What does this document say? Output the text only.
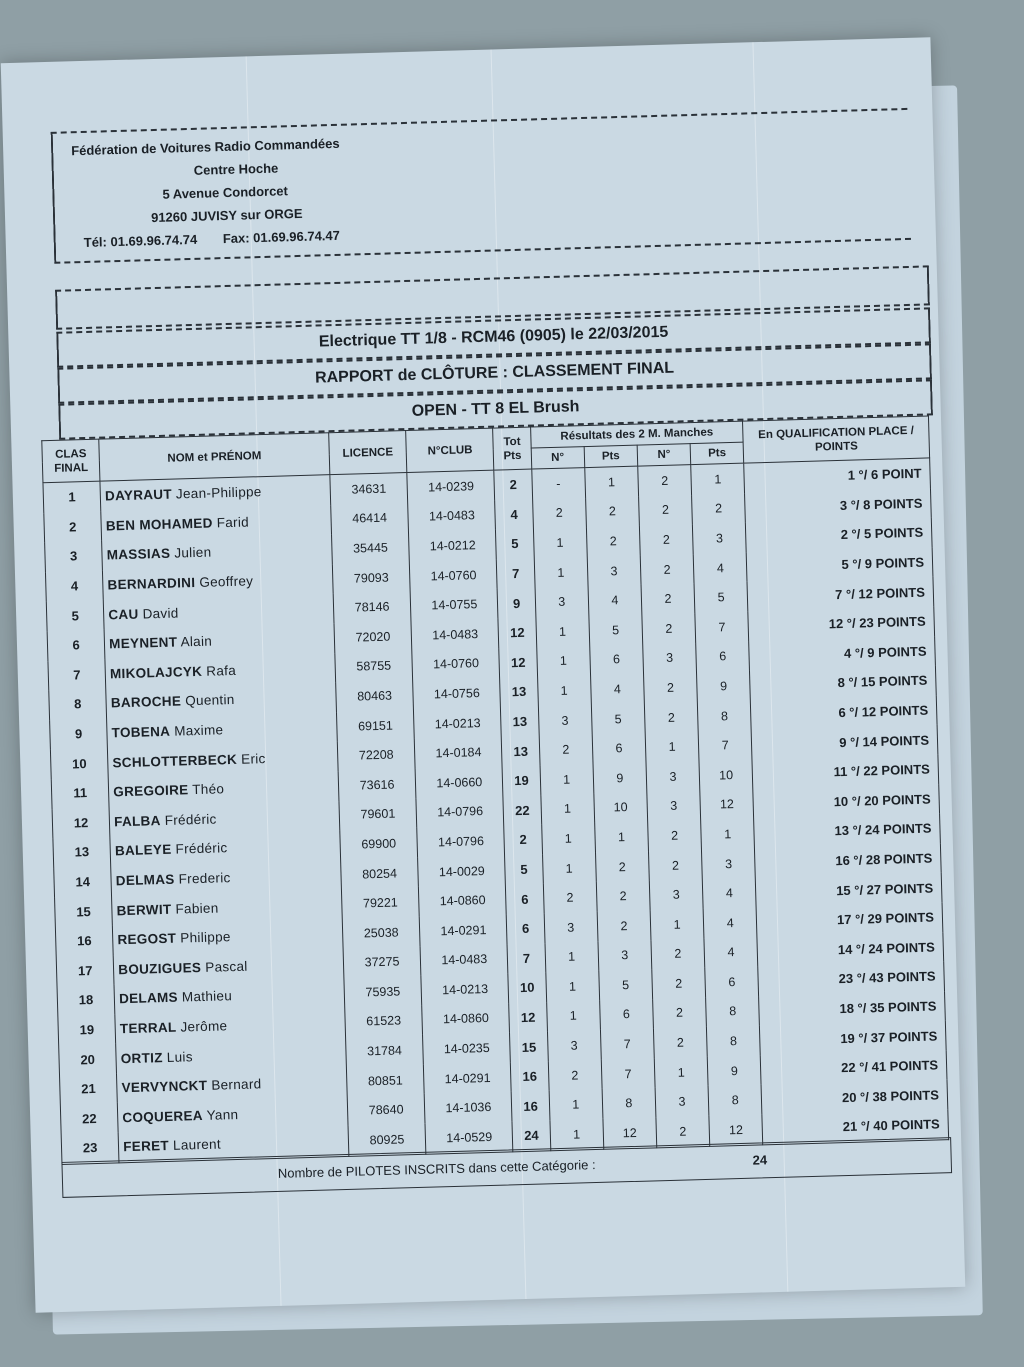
Fédération de Voitures Radio Commandées
Centre Hoche
5 Avenue Condorcet
91260 JUVISY sur ORGE
Tél: 01.69.96.74.74 Fax: 01.69.96.74.47
Electrique TT 1/8 - RCM46 (0905) le 22/03/2015
RAPPORT de CLÔTURE : CLASSEMENT FINAL
OPEN - TT 8 EL Brush
CLAS FINAL	NOM et PRÉNOM	LICENCE	N°CLUB	Tot Pts	Résultats des 2 M. Manches				En QUALIFICATION PLACE / POINTS
					N°	Pts	N°	Pts	
1	DAYRAUT Jean-Philippe	34631	14-0239	2	-	1	2	1	1 °/ 6 POINT
2	BEN MOHAMED Farid	46414	14-0483	4	2	2	2	2	3 °/ 8 POINTS
3	MASSIAS Julien	35445	14-0212	5	1	2	2	3	2 °/ 5 POINTS
4	BERNARDINI Geoffrey	79093	14-0760	7	1	3	2	4	5 °/ 9 POINTS
5	CAU David	78146	14-0755	9	3	4	2	5	7 °/ 12 POINTS
6	MEYNENT Alain	72020	14-0483	12	1	5	2	7	12 °/ 23 POINTS
7	MIKOLAJCYK Rafa	58755	14-0760	12	1	6	3	6	4 °/ 9 POINTS
8	BAROCHE Quentin	80463	14-0756	13	1	4	2	9	8 °/ 15 POINTS
9	TOBENA Maxime	69151	14-0213	13	3	5	2	8	6 °/ 12 POINTS
10	SCHLOTTERBECK Eric	72208	14-0184	13	2	6	1	7	9 °/ 14 POINTS
11	GREGOIRE Théo	73616	14-0660	19	1	9	3	10	11 °/ 22 POINTS
12	FALBA Frédéric	79601	14-0796	22	1	10	3	12	10 °/ 20 POINTS
13	BALEYE Frédéric	69900	14-0796	2	1	1	2	1	13 °/ 24 POINTS
14	DELMAS Frederic	80254	14-0029	5	1	2	2	3	16 °/ 28 POINTS
15	BERWIT Fabien	79221	14-0860	6	2	2	3	4	15 °/ 27 POINTS
16	REGOST Philippe	25038	14-0291	6	3	2	1	4	17 °/ 29 POINTS
17	BOUZIGUES Pascal	37275	14-0483	7	1	3	2	4	14 °/ 24 POINTS
18	DELAMS Mathieu	75935	14-0213	10	1	5	2	6	23 °/ 43 POINTS
19	TERRAL Jerôme	61523	14-0860	12	1	6	2	8	18 °/ 35 POINTS
20	ORTIZ Luis	31784	14-0235	15	3	7	2	8	19 °/ 37 POINTS
21	VERVYNCKT Bernard	80851	14-0291	16	2	7	1	9	22 °/ 41 POINTS
22	COQUEREA Yann	78640	14-1036	16	1	8	3	8	20 °/ 38 POINTS
23	FERET Laurent	80925	14-0529	24	1	12	2	12	21 °/ 40 POINTS
Nombre de PILOTES INSCRITS dans cette Catégorie :	24
